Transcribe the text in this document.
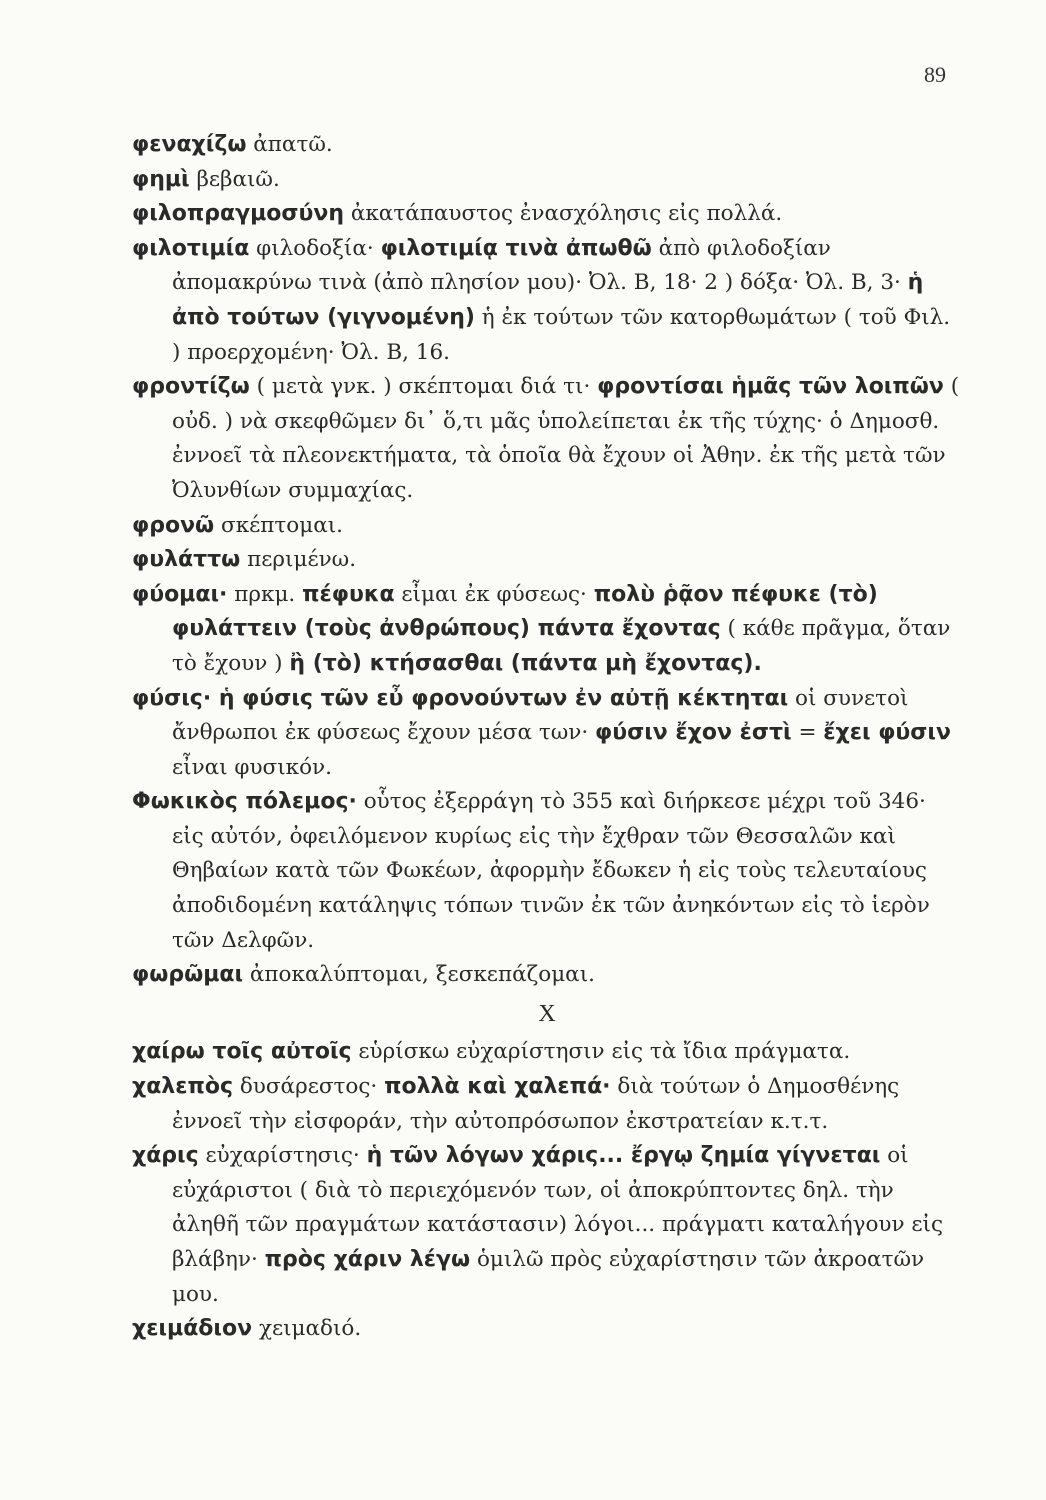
89

φεναχίζω ἀπατῶ.

φημὶ βεβαιῶ.

φιλοπραγμοσύνη ἀκατάπαυστος ἐνασχόλησις εἰς πολλά.

φιλοτιμία φιλοδοξία· φιλοτιμίᾳ τινὰ ἀπωθῶ ἀπὸ φιλοδοξίαν ἀπομακρύνω τινὰ (ἀπὸ πλησίον μου)· Ὀλ. Β, 18· 2 ) δόξα· Ὀλ. Β, 3· ἡ ἀπὸ τούτων (γιγνομένη) ἡ ἐκ τούτων τῶν κατορθωμάτων ( τοῦ Φιλ. ) προερχομένη· Ὀλ. Β, 16.

φροντίζω ( μετὰ γνκ. ) σκέπτομαι διά τι· φροντίσαι ἡμᾶς τῶν λοιπῶν ( οὐδ. ) νὰ σκεφθῶμεν δι᾽ ὅ,τι μᾶς ὑπολείπεται ἐκ τῆς τύχης· ὁ Δημοσθ. ἐννοεῖ τὰ πλεονεκτήματα, τὰ ὁποῖα θὰ ἔχουν οἱ Ἀθην. ἐκ τῆς μετὰ τῶν Ὀλυνθίων συμμαχίας.

φρονῶ σκέπτομαι.

φυλάττω περιμένω.

φύομαι· πρκμ. πέφυκα εἶμαι ἐκ φύσεως· πολὺ ῥᾷον πέφυκε (τὸ) φυλάττειν (τοὺς ἀνθρώπους) πάντα ἔχοντας ( κάθε πρᾶγμα, ὅταν τὸ ἔχουν ) ἢ (τὸ) κτήσασθαι (πάντα μὴ ἔχοντας).

φύσις· ἡ φύσις τῶν εὖ φρονούντων ἐν αὐτῇ κέκτηται οἱ συνετοὶ ἄνθρωποι ἐκ φύσεως ἔχουν μέσα των· φύσιν ἔχον ἐστὶ = ἔχει φύσιν εἶναι φυσικόν.

Φωκικὸς πόλεμος· οὗτος ἐξερράγη τὸ 355 καὶ διήρκεσε μέχρι τοῦ 346· εἰς αὐτόν, ὀφειλόμενον κυρίως εἰς τὴν ἔχθραν τῶν Θεσσαλῶν καὶ Θηβαίων κατὰ τῶν Φωκέων, ἀφορμὴν ἔδωκεν ἡ εἰς τοὺς τελευταίους ἀποδιδομένη κατάληψις τόπων τινῶν ἐκ τῶν ἀνηκόντων εἰς τὸ ἱερὸν τῶν Δελφῶν.

φωρῶμαι ἀποκαλύπτομαι, ξεσκεπάζομαι.

X

χαίρω τοῖς αὐτοῖς εὑρίσκω εὐχαρίστησιν εἰς τὰ ἴδια πράγματα.

χαλεπὸς δυσάρεστος· πολλὰ καὶ χαλεπά· διὰ τούτων ὁ Δημοσθένης ἐννοεῖ τὴν εἰσφοράν, τὴν αὐτοπρόσωπον ἐκστρατείαν κ.τ.τ.

χάρις εὐχαρίστησις· ἡ τῶν λόγων χάρις... ἔργῳ ζημία γίγνεται οἱ εὐχάριστοι ( διὰ τὸ περιεχόμενόν των, οἱ ἀποκρύπτοντες δηλ. τὴν ἀληθῆ τῶν πραγμάτων κατάστασιν) λόγοι... πράγματι καταλήγουν εἰς βλάβην· πρὸς χάριν λέγω ὁμιλῶ πρὸς εὐχαρίστησιν τῶν ἀκροατῶν μου.

χειμάδιον χειμαδιό.
